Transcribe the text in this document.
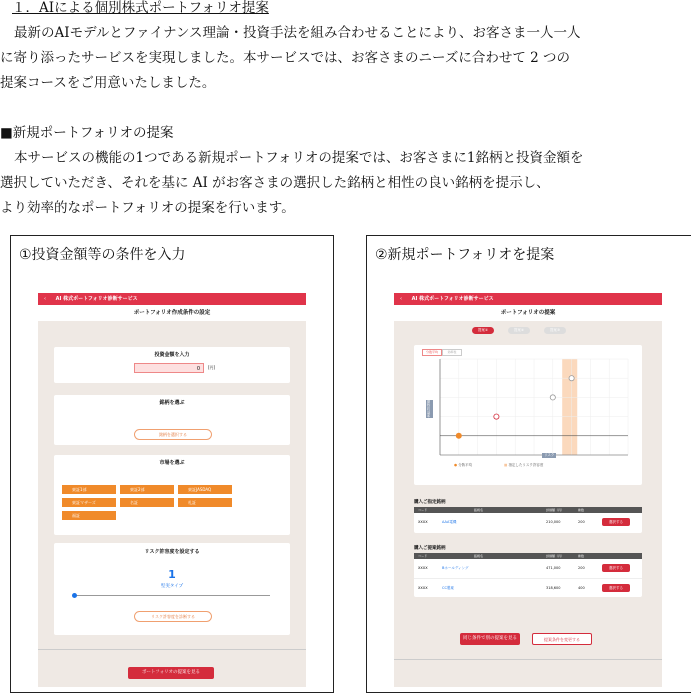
１．AIによる個別株式ポートフォリオ提案
最新のAIモデルとファイナンス理論・投資手法を組み合わせることにより、お客さま一人一人
に寄り添ったサービスを実現しました。本サービスでは、お客さまのニーズに合わせて 2 つの
提案コースをご用意いたしました。
■新規ポートフォリオの提案
本サービスの機能の1つである新規ポートフォリオの提案では、お客さまに1銘柄と投資金額を
選択していただき、それを基に AI がお客さまの選択した銘柄と相性の良い銘柄を提示し、
より効率的なポートフォリオの提案を行います。
①投資金額等の条件を入力
‹ AI 株式ポートフォリオ診断サービス
ポートフォリオ作成条件の設定
投資金額を入力
0	[円]
銘柄を選ぶ
銘柄を選択する
市場を選ぶ
東証1部	東証2部	東証JASDAQ
東証マザーズ	名証	札証
福証
リスク許容度を設定する
1
堅実タイプ
リスク許容度を診断する
ポートフォリオの提案を見る
②新規ポートフォリオを提案
‹ AI 株式ポートフォリオ診断サービス
ポートフォリオの提案
提案①	提案②	提案③
分散平均	効率性
● 分散平均	■ 指定したリスク許容度
リスク
期待収益率
購入ご指定銘柄
コード	銘柄名	評価額（円）	株数
XXXX	AAA電機	210,000	200	選択する
購入ご提案銘柄
コード	銘柄名	評価額（円）	株数
XXXX	Bホールディング	471,000	200	選択する
XXXX	CC製薬	318,600	400	選択する
同じ条件で別の提案を見る	提案条件を変更する
